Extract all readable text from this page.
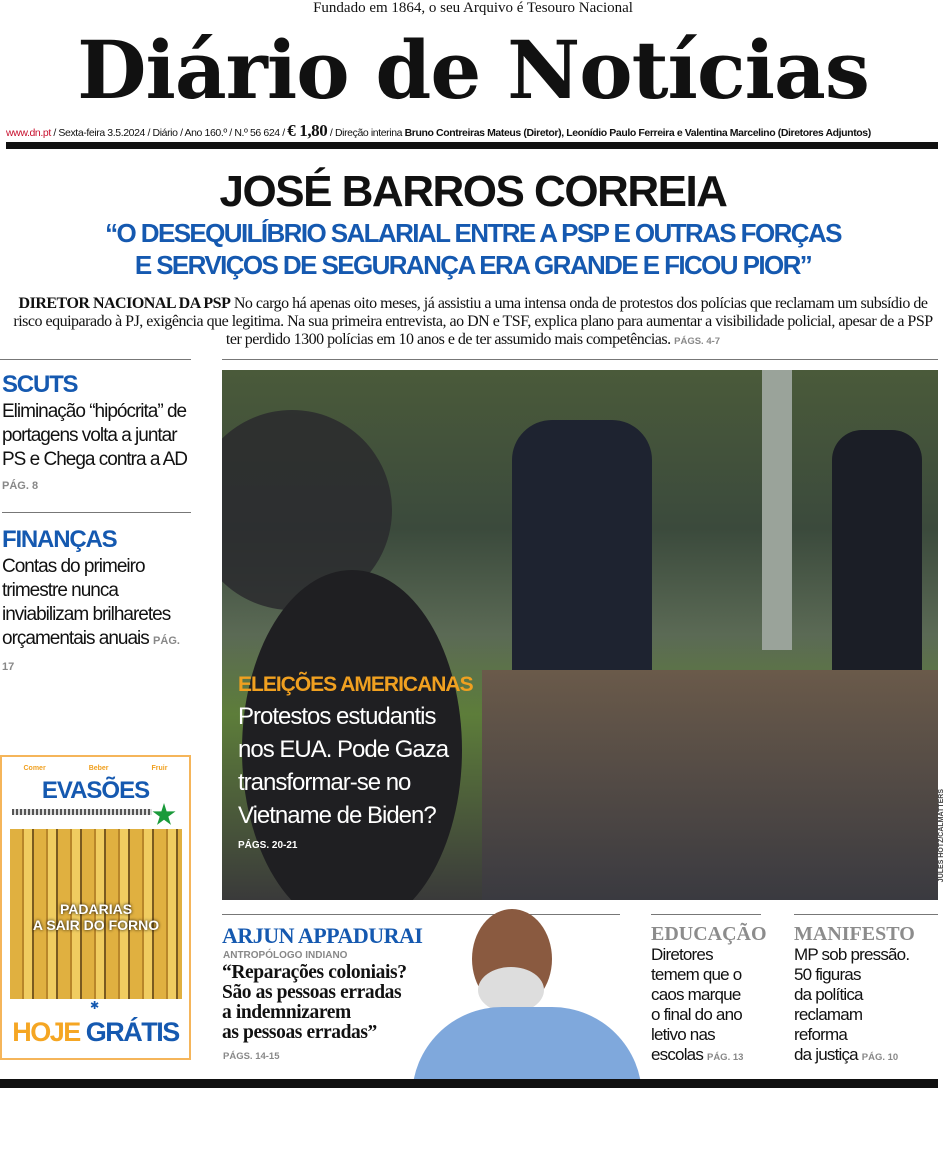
Fundado em 1864, o seu Arquivo é Tesouro Nacional
Diário de Notícias
www.dn.pt / Sexta-feira 3.5.2024 / Diário / Ano 160.º / N.º 56 624 / € 1,80 / Direção interina Bruno Contreiras Mateus (Diretor), Leonídio Paulo Ferreira e Valentina Marcelino (Diretores Adjuntos)
JOSÉ BARROS CORREIA
“O DESEQUILÍBRIO SALARIAL ENTRE A PSP E OUTRAS FORÇAS
E SERVIÇOS DE SEGURANÇA ERA GRANDE E FICOU PIOR”
DIRETOR NACIONAL DA PSP No cargo há apenas oito meses, já assistiu a uma intensa onda de protestos dos polícias que reclamam um subsídio de risco equiparado à PJ, exigência que legitima. Na sua primeira entrevista, ao DN e TSF, explica plano para aumentar a visibilidade policial, apesar de a PSP ter perdido 1300 polícias em 10 anos e de ter assumido mais competências. PÁGS. 4-7
SCUTS
Eliminação “hipócrita” de portagens volta a juntar PS e Chega contra a AD PÁG. 8
FINANÇAS
Contas do primeiro trimestre nunca inviabilizam brilharetes orçamentais anuais PÁG. 17
Comer	Beber	Fruir
EVASÕES
PADARIAS
A SAIR DO FORNO
✱
HOJE GRÁTIS
ELEIÇÕES AMERICANAS
Protestos estudantis
nos EUA. Pode Gaza
transformar-se no
Vietname de Biden?
PÁGS. 20-21	JULES HOTZ/CALMATTERS
ARJUN APPADURAI
ANTROPÓLOGO INDIANO
“Reparações coloniais?
São as pessoas erradas
a indemnizarem
as pessoas erradas”
PÁGS. 14-15
EDUCAÇÃO
Diretores
temem que o
caos marque
o final do ano
letivo nas
escolas PÁG. 13
MANIFESTO
MP sob pressão.
50 figuras
da política
reclamam
reforma
da justiça PÁG. 10
